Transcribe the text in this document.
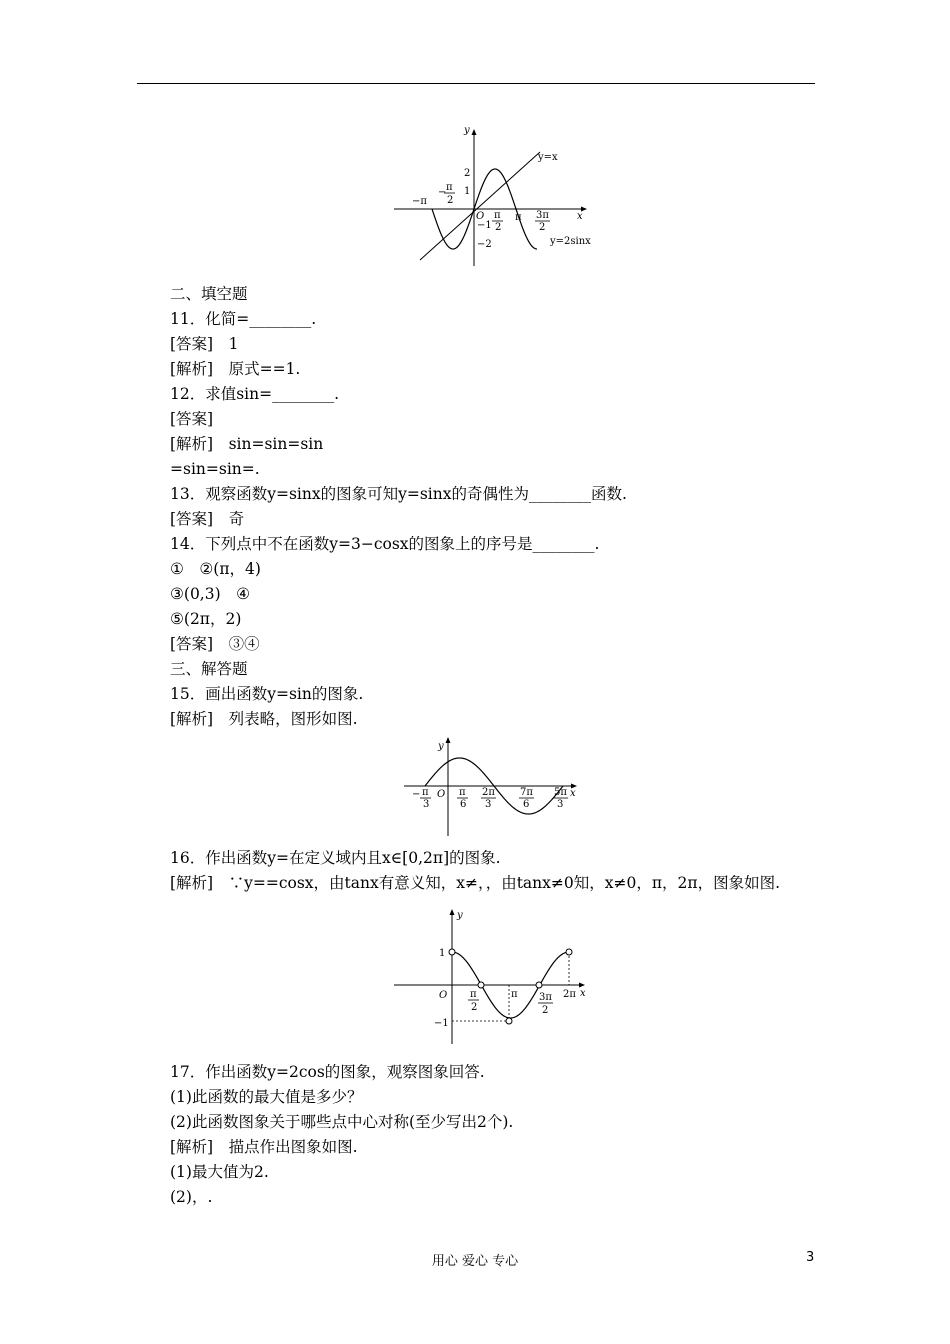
y
x
O
−π
− π
2
π
2
π 3π
2
2
1
−1
−2
y=x
y=2sinx
二、填空题
11．化简=________.
[答案]　1
[解析]　原式==1.
12．求值sin=________.
[答案]
[解析]　sin=sin=sin
=sin=sin=.
13．观察函数y=sinx的图象可知y=sinx的奇偶性为________函数.
[答案]　奇
14．下列点中不在函数y=3−cosx的图象上的序号是________.
①　②(π，4)
③(0,3)　④
⑤(2π，2)
[答案]　③④
三、解答题
15．画出函数y=sin的图象.
[解析]　列表略，图形如图.
y
x
O
− π
3
π
6
2π
3
7π
6
5π
3
16．作出函数y=在定义域内且x∈[0,2π]的图象.
[解析]　∵y==cosx，由tanx有意义知，x≠，，由tanx≠0知，x≠0，π，2π，图象如图.
y
x
O
1
−1
π
2
π 3π
2
2π
17．作出函数y=2cos的图象，观察图象回答.
(1)此函数的最大值是多少？
(2)此函数图象关于哪些点中心对称(至少写出2个).
[解析]　描点作出图象如图.
(1)最大值为2.
(2)，.
用心 爱心 专心	3
